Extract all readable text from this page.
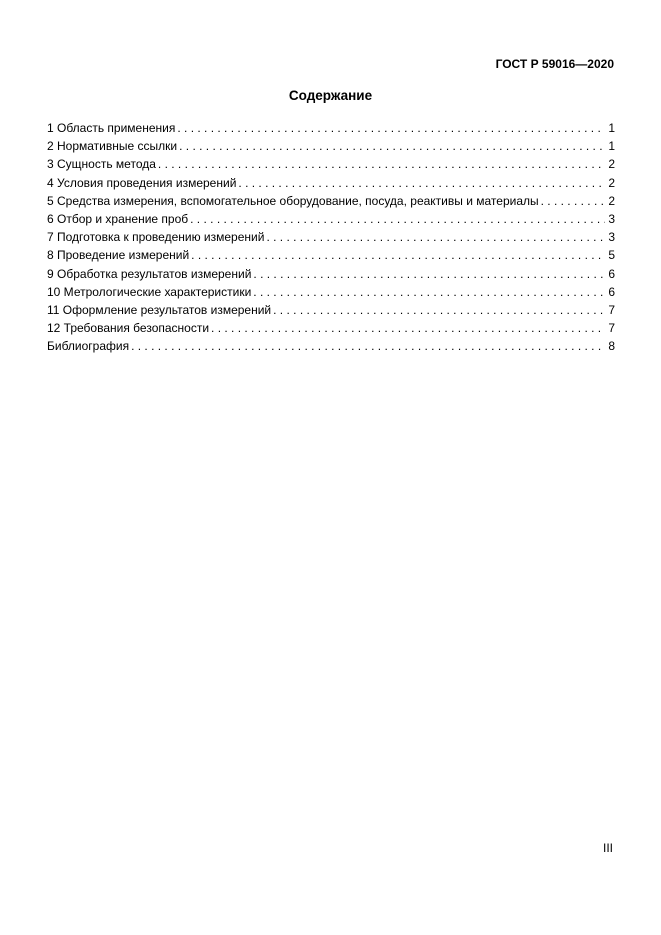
ГОСТ Р 59016—2020
Содержание
1 Область применения . . .	1
2 Нормативные ссылки . . .	1
3 Сущность метода . . .	2
4 Условия проведения измерений . . .	2
5 Средства измерения, вспомогательное оборудование, посуда, реактивы и материалы . . .	2
6 Отбор и хранение проб . . .	3
7 Подготовка к проведению измерений . . .	3
8 Проведение измерений . . .	5
9 Обработка результатов измерений . . .	6
10 Метрологические характеристики . . .	6
11 Оформление результатов измерений . . .	7
12 Требования безопасности . . .	7
Библиография . . .	8
III
